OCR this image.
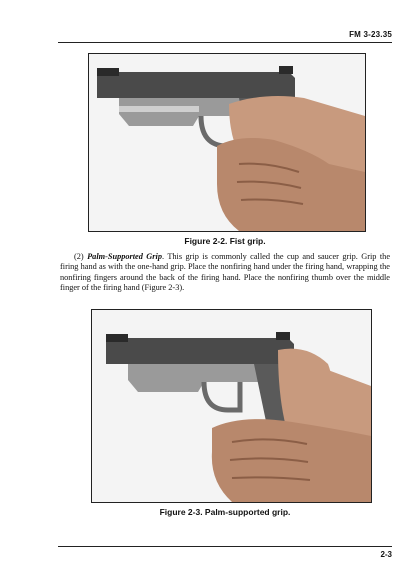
FM 3-23.35
Figure 2-2. Fist grip.
(2) Palm-Supported Grip. This grip is commonly called the cup and saucer grip. Grip the firing hand as with the one-hand grip. Place the nonfiring hand under the firing hand, wrapping the nonfiring fingers around the back of the firing hand. Place the nonfiring thumb over the middle finger of the firing hand (Figure 2-3).
Figure 2-3. Palm-supported grip.
2-3
